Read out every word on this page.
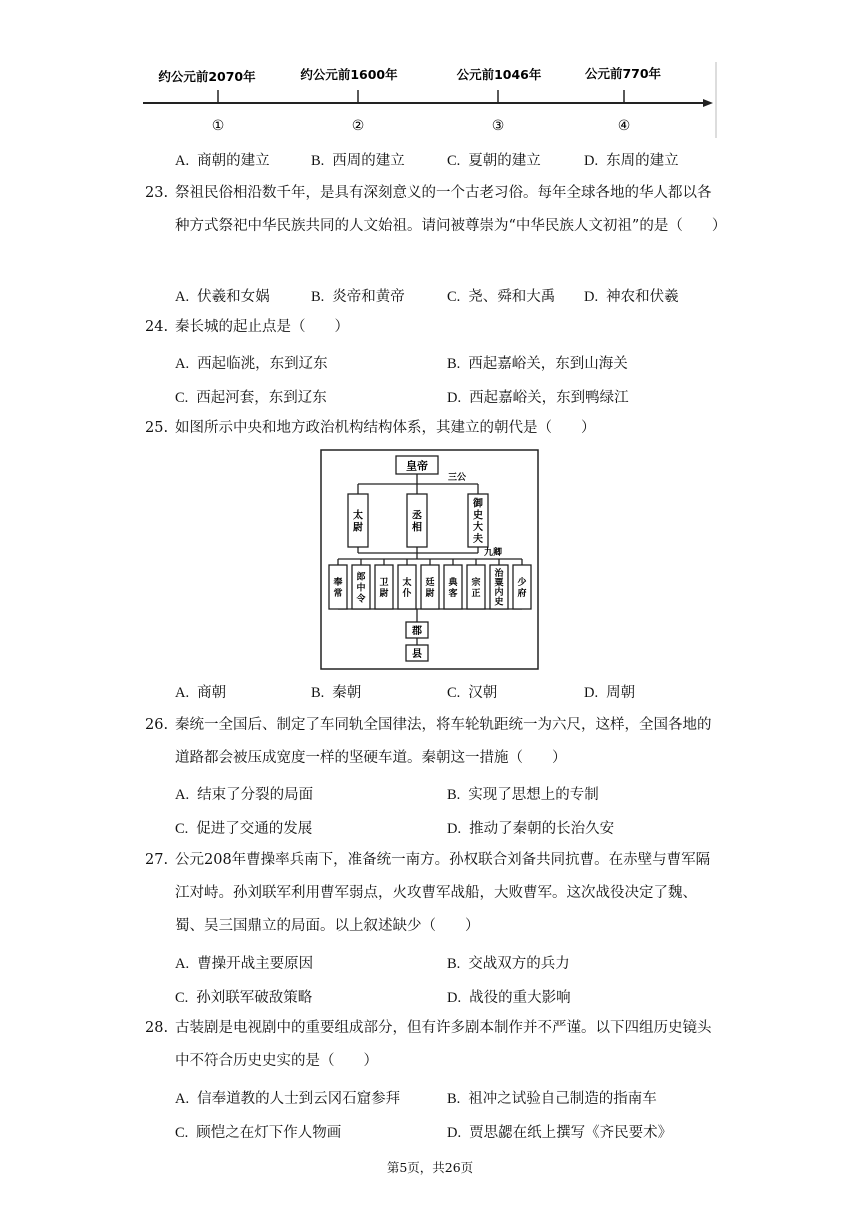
约公元前2070年	约公元前1600年	公元前1046年	公元前770年
①	②	③	④
A. 商朝的建立	B. 西周的建立	C. 夏朝的建立	D. 东周的建立
23. 祭祖民俗相沿数千年，是具有深刻意义的一个古老习俗。每年全球各地的华人都以各种方式祭祀中华民族共同的人文始祖。请问被尊崇为“中华民族人文初祖”的是（　　）
A. 伏羲和女娲	B. 炎帝和黄帝	C. 尧、舜和大禹 D. 神农和伏羲
24. 秦长城的起止点是（　　）
A. 西起临洮，东到辽东	B. 西起嘉峪关，东到山海关
C. 西起河套，东到辽东	D. 西起嘉峪关，东到鸭绿江
25. 如图所示中央和地方政治机构结构体系，其建立的朝代是（　　）
皇帝
三公
太尉
丞相
御史大夫
九卿
奉常
郎中令
卫尉
太仆
廷尉
典客
宗正
治粟内史
少府
郡
县
A. 商朝	B. 秦朝	C. 汉朝	D. 周朝
26. 秦统一全国后、制定了车同轨全国律法，将车轮轨距统一为六尺，这样，全国各地的道路都会被压成宽度一样的坚硬车道。秦朝这一措施（　　）
A. 结束了分裂的局面	B. 实现了思想上的专制
C. 促进了交通的发展	D. 推动了秦朝的长治久安
27. 公元208年曹操率兵南下，准备统一南方。孙权联合刘备共同抗曹。在赤壁与曹军隔江对峙。孙刘联军利用曹军弱点，火攻曹军战船，大败曹军。这次战役决定了魏、蜀、吴三国鼎立的局面。以上叙述缺少（　　）
A. 曹操开战主要原因	B. 交战双方的兵力
C. 孙刘联军破敌策略	D. 战役的重大影响
28. 古装剧是电视剧中的重要组成部分，但有许多剧本制作并不严谨。以下四组历史镜头中不符合历史史实的是（　　）
A. 信奉道教的人士到云冈石窟参拜	B. 祖冲之试验自己制造的指南车
C. 顾恺之在灯下作人物画	D. 贾思勰在纸上撰写《齐民要术》
第5页，共26页
